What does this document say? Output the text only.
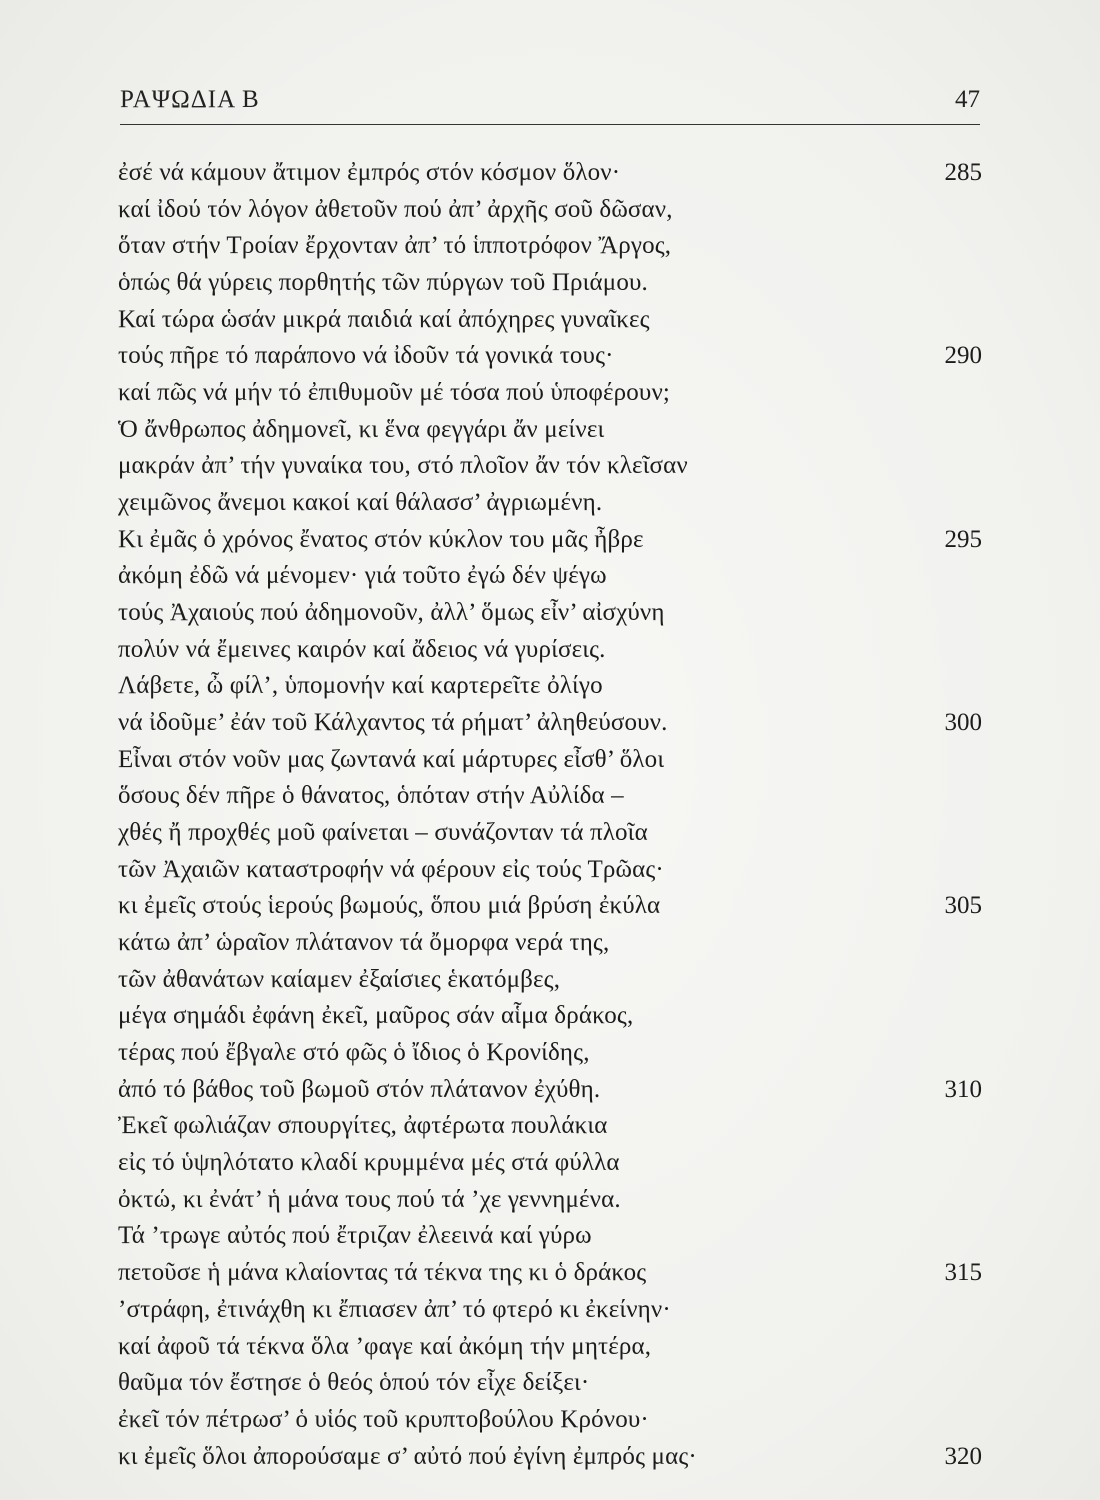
ΡΑΨΩΔΙΑ Β	47
ἐσέ νά κάμουν ἄτιμον ἐμπρός στόν κόσμον ὅλον·	285
καί ἰδού τόν λόγον ἀθετοῦν πού ἀπ’ ἀρχῆς σοῦ δῶσαν,
ὅταν στήν Τροίαν ἔρχονταν ἀπ’ τό ἱπποτρόφον Ἄργος,
ὁπώς θά γύρεις πορθητής τῶν πύργων τοῦ Πριάμου.
Καί τώρα ὡσάν μικρά παιδιά καί ἀπόχηρες γυναῖκες
τούς πῆρε τό παράπονο νά ἰδοῦν τά γονικά τους·	290
καί πῶς νά μήν τό ἐπιθυμοῦν μέ τόσα πού ὑποφέρουν;
Ὁ ἄνθρωπος ἀδημονεῖ, κι ἕνα φεγγάρι ἄν μείνει
μακράν ἀπ’ τήν γυναίκα του, στό πλοῖον ἄν τόν κλεῖσαν
χειμῶνος ἄνεμοι κακοί καί θάλασσ’ ἀγριωμένη.
Κι ἐμᾶς ὁ χρόνος ἔνατος στόν κύκλον του μᾶς ἦβρε	295
ἀκόμη ἐδῶ νά μένομεν· γιά τοῦτο ἐγώ δέν ψέγω
τούς Ἀχαιούς πού ἀδημονοῦν, ἀλλ’ ὅμως εἶν’ αἰσχύνη
πολύν νά ἔμεινες καιρόν καί ἄδειος νά γυρίσεις.
Λάβετε, ὦ φίλ’, ὑπομονήν καί καρτερεῖτε ὀλίγο
νά ἰδοῦμε’ ἐάν τοῦ Κάλχαντος τά ρήματ’ ἀληθεύσουν.	300
Εἶναι στόν νοῦν μας ζωντανά καί μάρτυρες εἶσθ’ ὅλοι
ὅσους δέν πῆρε ὁ θάνατος, ὁπόταν στήν Αὐλίδα –
χθές ἤ προχθές μοῦ φαίνεται – συνάζονταν τά πλοῖα
τῶν Ἀχαιῶν καταστροφήν νά φέρουν εἰς τούς Τρῶας·
κι ἐμεῖς στούς ἱερούς βωμούς, ὅπου μιά βρύση ἐκύλα	305
κάτω ἀπ’ ὡραῖον πλάτανον τά ὄμορφα νερά της,
τῶν ἀθανάτων καίαμεν ἐξαίσιες ἑκατόμβες,
μέγα σημάδι ἐφάνη ἐκεῖ, μαῦρος σάν αἷμα δράκος,
τέρας πού ἔβγαλε στό φῶς ὁ ἴδιος ὁ Κρονίδης,
ἀπό τό βάθος τοῦ βωμοῦ στόν πλάτανον ἐχύθη.	310
Ἐκεῖ φωλιάζαν σπουργίτες, ἀφτέρωτα πουλάκια
εἰς τό ὑψηλότατο κλαδί κρυμμένα μές στά φύλλα
ὀκτώ, κι ἐνάτ’ ἡ μάνα τους πού τά ’χε γεννημένα.
Τά ’τρωγε αὐτός πού ἔτριζαν ἐλεεινά καί γύρω
πετοῦσε ἡ μάνα κλαίοντας τά τέκνα της κι ὁ δράκος	315
’στράφη, ἐτινάχθη κι ἔπιασεν ἀπ’ τό φτερό κι ἐκείνην·
καί ἀφοῦ τά τέκνα ὅλα ’φαγε καί ἀκόμη τήν μητέρα,
θαῦμα τόν ἔστησε ὁ θεός ὁπού τόν εἶχε δείξει·
ἐκεῖ τόν πέτρωσ’ ὁ υἱός τοῦ κρυπτοβούλου Κρόνου·
κι ἐμεῖς ὅλοι ἀπορούσαμε σ’ αὐτό πού ἐγίνη ἐμπρός μας·	320
